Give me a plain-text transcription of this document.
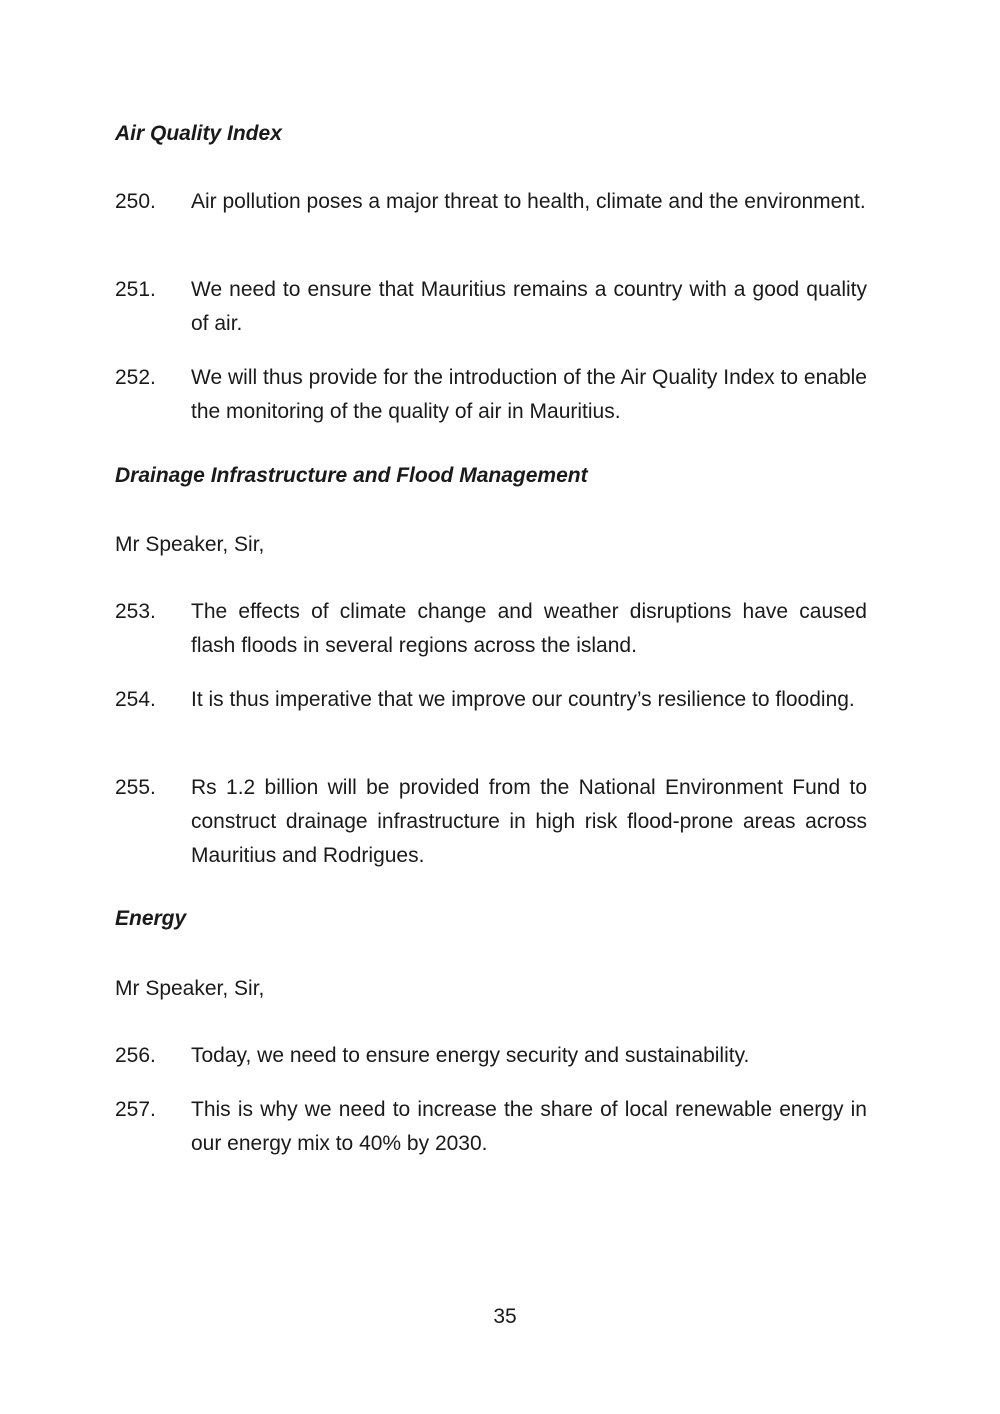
Air Quality Index
250. Air pollution poses a major threat to health, climate and the environment.
251. We need to ensure that Mauritius remains a country with a good quality of air.
252. We will thus provide for the introduction of the Air Quality Index to enable the monitoring of the quality of air in Mauritius.
Drainage Infrastructure and Flood Management

Mr Speaker, Sir,

253. The effects of climate change and weather disruptions have caused flash floods in several regions across the island.
254. It is thus imperative that we improve our country’s resilience to flooding.
255. Rs 1.2 billion will be provided from the National Environment Fund to construct drainage infrastructure in high risk flood-prone areas across Mauritius and Rodrigues.
Energy

Mr Speaker, Sir,

256. Today, we need to ensure energy security and sustainability.
257. This is why we need to increase the share of local renewable energy in our energy mix to 40% by 2030.
35
